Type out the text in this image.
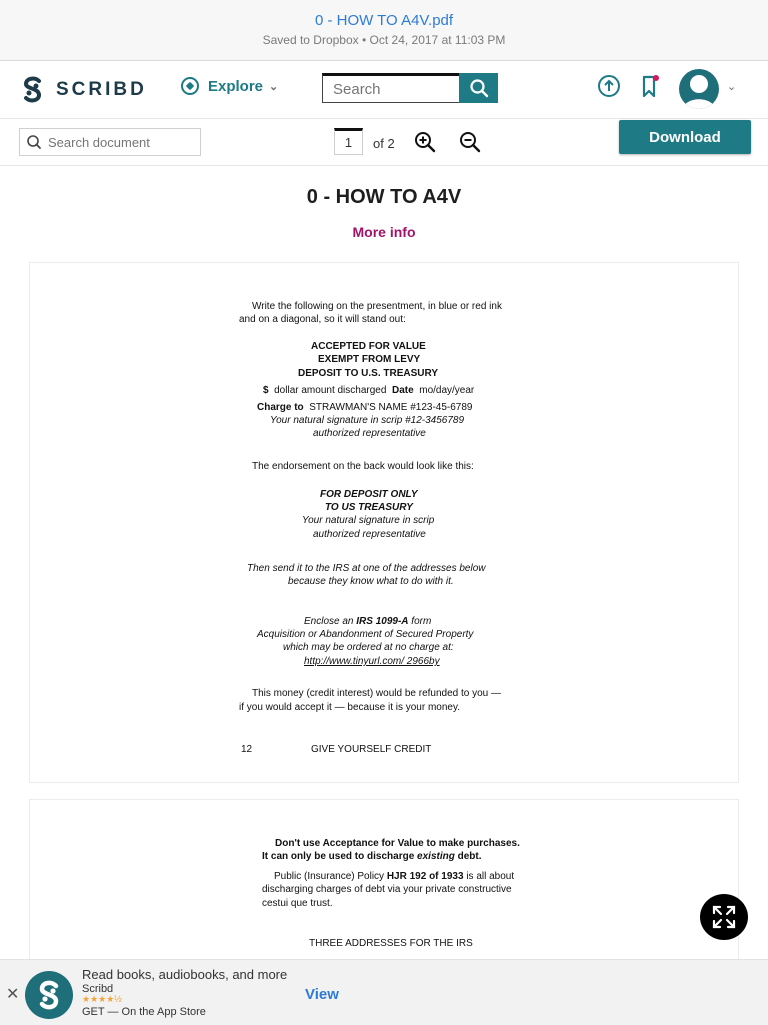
0 - HOW TO A4V.pdf
Saved to Dropbox • Oct 24, 2017 at 11:03 PM
SCRIBD	Explore ⌄
Search	⌄
Search document
1
of 2	Download
0 - HOW TO A4V
More info
Write the following on the presentment, in blue or red ink
and on a diagonal, so it will stand out:
ACCEPTED FOR VALUE
EXEMPT FROM LEVY
DEPOSIT TO U.S. TREASURY
$ dollar amount discharged Date mo/day/year
Charge to STRAWMAN'S NAME #123-45-6789
Your natural signature in scrip #12-3456789
authorized representative
The endorsement on the back would look like this:
FOR DEPOSIT ONLY
TO US TREASURY
Your natural signature in scrip
authorized representative
Then send it to the IRS at one of the addresses below
because they know what to do with it.
Enclose an IRS 1099-A form
Acquisition or Abandonment of Secured Property
which may be ordered at no charge at:
http://www.tinyurl.com/ 2966by
This money (credit interest) would be refunded to you —
if you would accept it — because it is your money.
12	GIVE YOURSELF CREDIT
Don't use Acceptance for Value to make purchases.
It can only be used to discharge existing debt.
Public (Insurance) Policy HJR 192 of 1933 is all about
discharging charges of debt via your private constructive
cestui que trust.
THREE ADDRESSES FOR THE IRS
✕
Read books, audiobooks, and more
Scribd
★★★★½
GET — On the App Store
View
